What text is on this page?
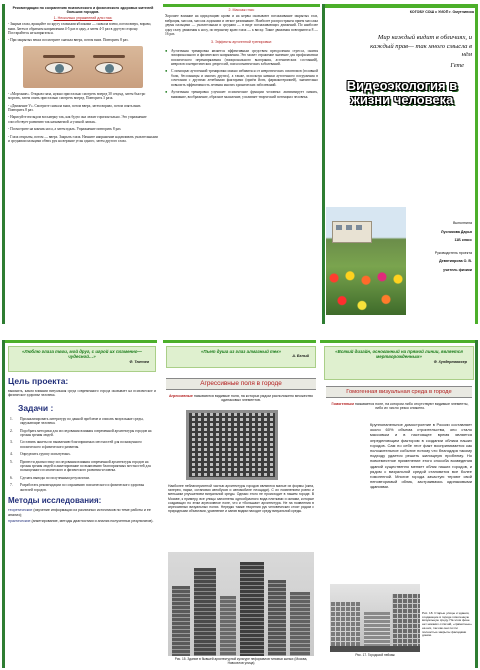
Рекомендации по сохранению психического и физического здоровья жителей больших городов.
1. Несколько упражнений для глаз:
- Закрыв глаза, вращайте по кругу глазными яблоками — сначала влево, потом вверх, вправо, вниз. Затем в обратном направлении 4-5 раз в одну, а затем 4-5 раз в другую сторону. Постарайтесь не напрягаться.
- При закрытых веках посмотрите сначала вверх, потом вниз. Повторить 8 раз.
- «Моргание». Открыв глаза, нужно пристально смотреть вперед 30 секунд, затем быстро моргать, затем опять пристально смотреть вперед. Повторить 3 раза.
- «Движение V». Смотрите сначала вниз, потом вверх, затем вправо, потом опять вниз. Повторить 8 раз.
- Нарисуйте взглядом восьмерку так, как будто она лежит горизонтально. Это упражнение способствует развитию так называемой «гусиной лапки».
- Посмотрите на кончик носа, а затем вдаль. Упражнение повторить 8 раз.
- Глаза открыты, потом — вверх. Закрыть глаза. Начните напряжение надавливать указательными и средними пальцами обеих рук на верхние углы одного, затем другого глаза.
2. Массаж глаз:
Хорошее влияние на циркуляцию крови и на нервы оказывают поглаживание закрытых глаз, вибрация, массаж, массаж ладонями и легкое разминание. Наиболее распространен прием массажа двумя пальцами — указательным и средним — в виде поглаживающих движений. По наиболее одну глазу движения к носу, по верхнему краю глаза — к виску. Такие движения повторяются 8 — 16 раз.
3. Эффекты аутогенной тренировки:
● Аутогенная тренировка является эффективным средством преодоления стресса, снятия эмоционального и физического напряжения. Это может отражение значение для профилактики психического перенапряжения (эмоционального выгорания, астенических состояний), неврозов и невротических депрессий, психосоматических заболеваний.
● С помощью аутогенной тренировки можно избавиться от невротических симптомов (головной боли, бессонницы и многих других), а также, используя навыки аутогенного погружения в сочетании с другими лечебными факторами (приём йоги, фармакотерапией), значительно повысить эффективность лечения многих хронических заболеваний.
● Аутогенная тренировка улучшает психические функции человека: активизирует память, внимание, воображение, образное мышление, усиливает творческий потенциал человека.
КОГОБУ СОШ с УИОП г. Омутнинска
Мир каждый видит в обличиях, и каждый прав— так много смысла в нём
Гете
Видеоэкология в жизни человека
Выполнила
Лусникова Дарья
11Б класс
Руководитель проекта
Девятиярова О. В.
учитель физики
«Люблю глаза твои, мой друг, с игрой их пламенно—чудесной…»
Ф. Тютчев
Цель проекта:
выяснить, каком влиянии визуальная среда современного города оказывает на психическое и физическое здоровье человека.
Задачи :
1.	Проанализировать литературу по данной проблеме и описать визуальные среды, окружающие человека.
2.	Подобрать методики для исследования влияния современной архитектуры городов на органы зрения людей.
3.	Составить анкеты по выявлению благоприятных местностей для полноценного психического и физического развития.
4.	Определить группу испытуемых.
5.	Провести диагностику исследования влияния современной архитектуры городов на органы зрения людей и анкетирование по выявлению благоприятных местностей для полноценного психического и физического развития человека.
6.	Сделать выводы по полученным результатам.
7.	Разработать рекомендации по сохранению психического и физического здоровья жителей городов.
Методы исследования:
теоретические (изучение информации из различных источников по теме работы и ее анализ);
практические (анкетирование, методы диагностики и анализ полученных результатов).
«Пьет душа из глаз алмазный тек»
А. Белый
Агрессивные поля в городе
Агрессивные называются видимые поля, на которых рядом расположено множество одинаковых элементов.
Наиболее неблагоприятной частью архитектуры городов являются малые их формы (окна, галереи, парки, остановки автобусов и автомобиле площади). С их появлением ровно и меньшим улучшением визуальной среды. Однако этого не происходит в нашем городе. В Москве, к примеру, все улицы заполнены однообразного вида плитками и окнами, которые создающих по этим агрессивное поле, что и «большая» архитектура. Не на появления в агрессивных визуальных полях. Нередко также творения рук человеческих стоят рядом с природными объектами, уравнение и заняв видим находят среду визуальной среды.
Рис. 15. Здание в бывшей архитектурной культуре неформалов типовых жилых (Москва, Новоселов улица)
«Всякий дизайн, основанный на прямой линии, является мертворожденным»
Ф. Хундертвассер
Гомогенная визуальная среда в городе
Гомогенным называется поле, на котором либо отсутствуют видимые элементы, либо их число резко снижено.
Крупнопанельное домостроение в России составляет около 60% объема строительства, оно стало массовым и в настоящее время является определяющим фактором в создании облика наших городов. Сам по себе этот факт воспринимается как положительное событие потому что благодаря такому подходу удается решить жилищную проблему. Но повсеместное применение этого способа возведения зданий существенно меняет облик наших городов, и рядом с визуальной средой становится все более гомогенной. Многие города зачастую теряют свой неповторимый облик, застраиваясь одинаковыми зданиями.
Рис. 17. Городской пейзаж
Рис. 18. Старые улицы и здания, создающие в городе гомогенную визуальную среду. На этом фоне нет никаких отличий, «грамотные» на них, так как они почти полностью закрыты фасадами домов.
